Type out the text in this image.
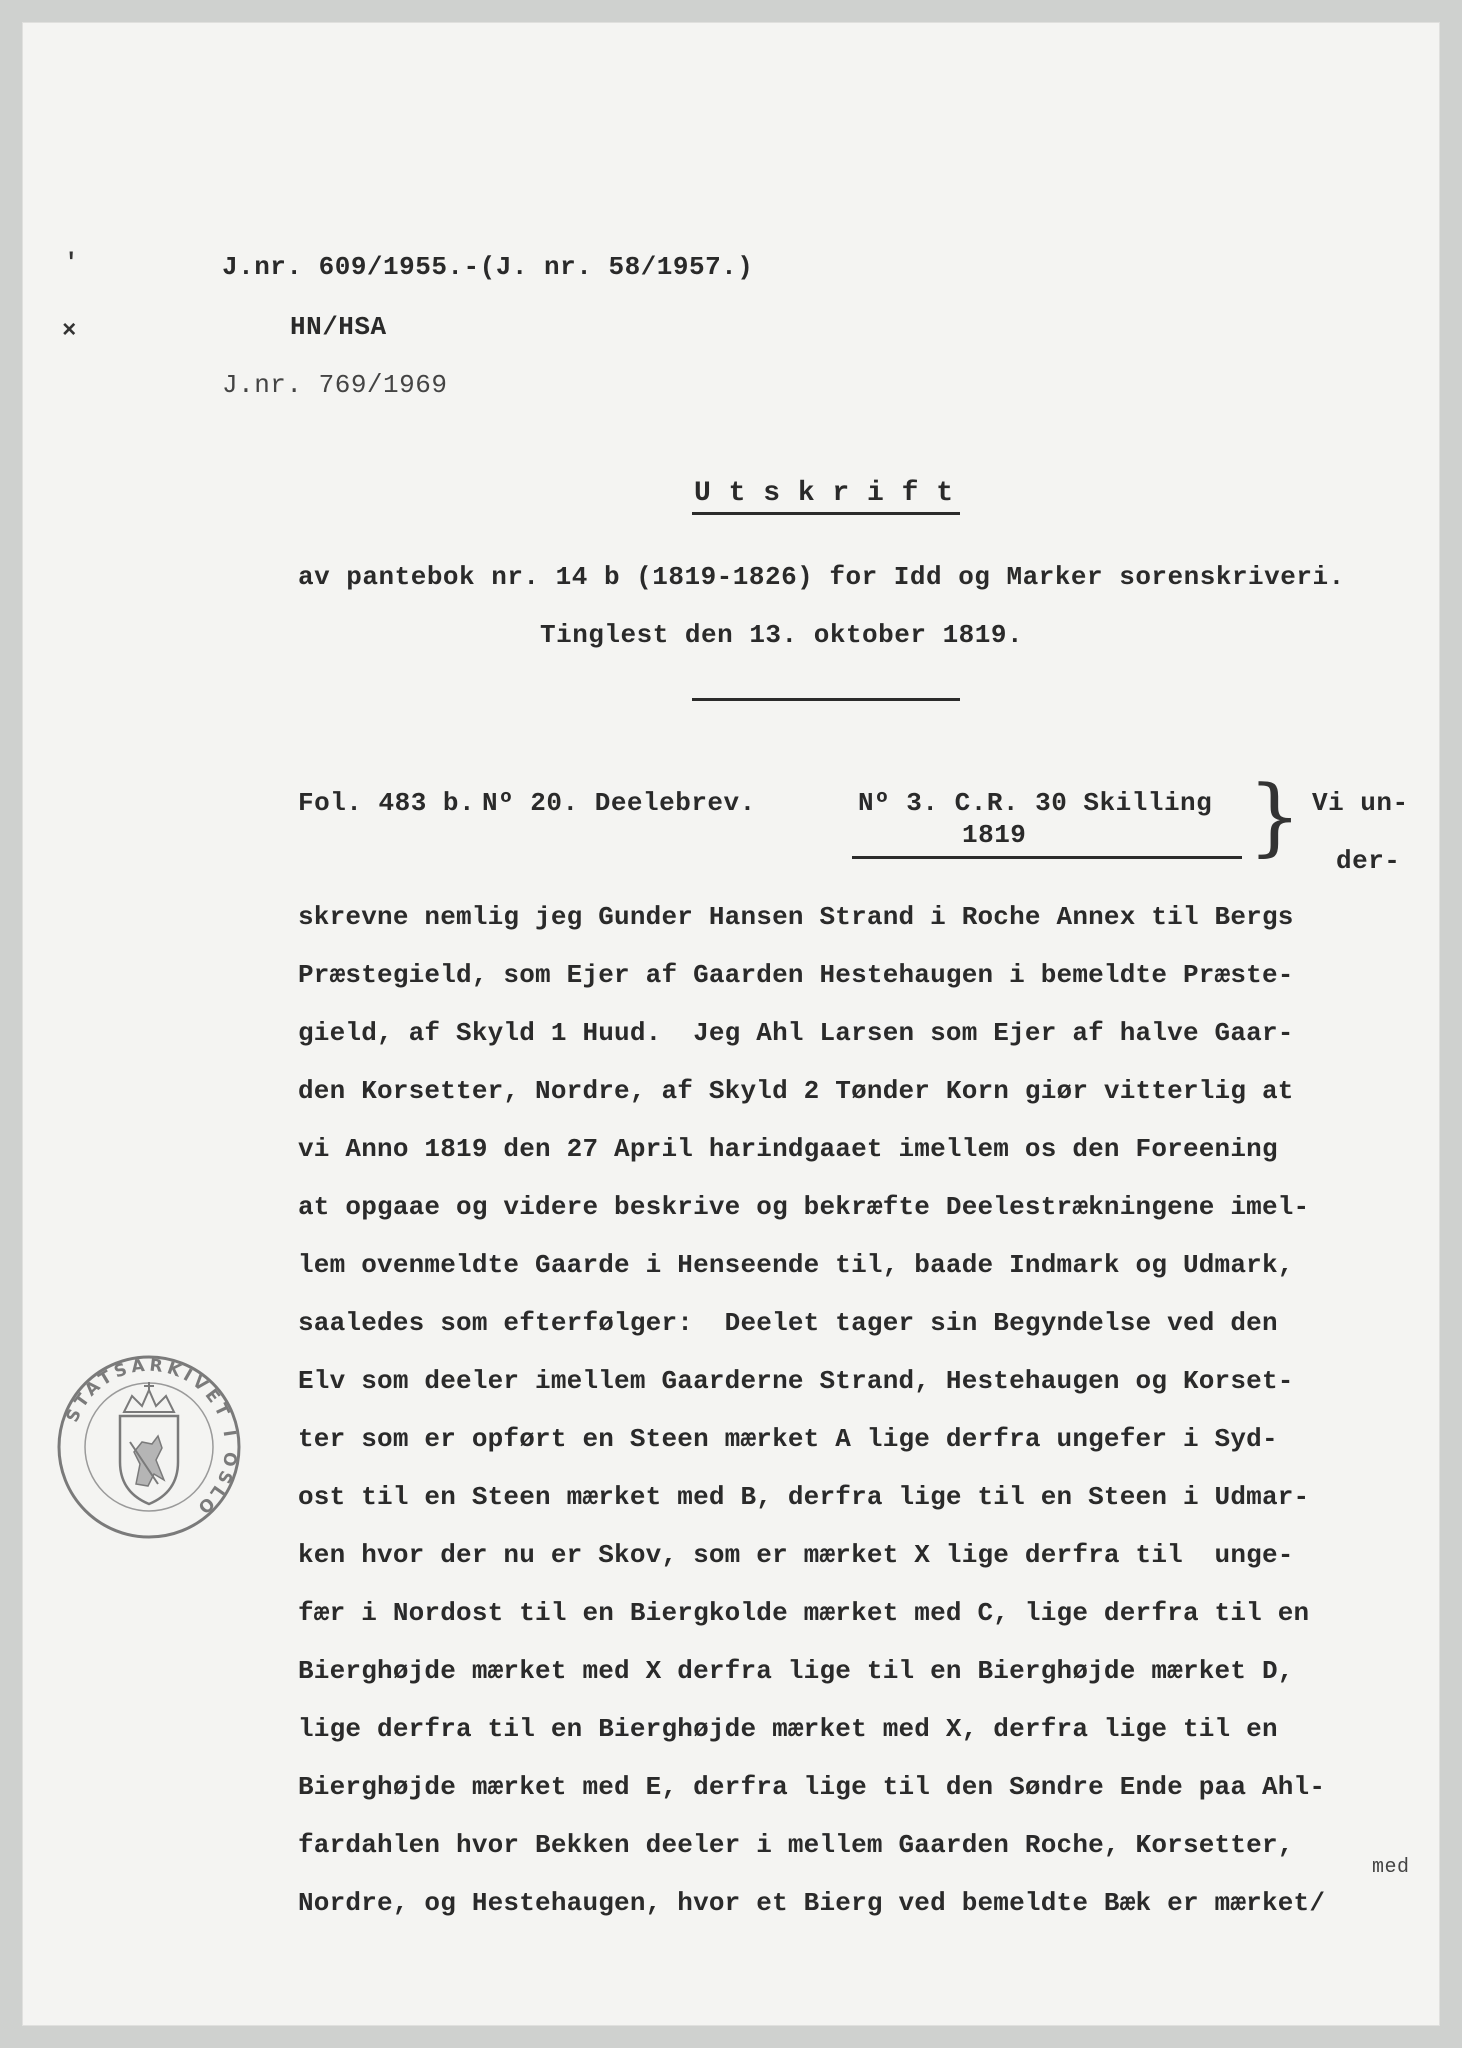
'
×
J.nr. 609/1955.-(J. nr. 58/1957.)
HN/HSA
J.nr. 769/1969
U t s k r i f t
av pantebok nr. 14 b (1819-1826) for Idd og Marker sorenskriveri.
Tinglest den 13. oktober 1819.
Fol. 483 b. Nº 20. Deelebrev.	Nº 3. C.R. 30 Skilling
1819	} Vi un-
der-
skrevne nemlig jeg Gunder Hansen Strand i Roche Annex til Bergs
Præstegield, som Ejer af Gaarden Hestehaugen i bemeldte Præste-
gield, af Skyld 1 Huud.  Jeg Ahl Larsen som Ejer af halve Gaar-
den Korsetter, Nordre, af Skyld 2 Tønder Korn giør vitterlig at
vi Anno 1819 den 27 April harindgaaet imellem os den Foreening
at opgaae og videre beskrive og bekræfte Deelestrækningene imel-
lem ovenmeldte Gaarde i Henseende til, baade Indmark og Udmark,
saaledes som efterfølger:  Deelet tager sin Begyndelse ved den
Elv som deeler imellem Gaarderne Strand, Hestehaugen og Korset-
ter som er opført en Steen mærket A lige derfra ungefer i Syd-
ost til en Steen mærket med B, derfra lige til en Steen i Udmar-
ken hvor der nu er Skov, som er mærket X lige derfra til  unge-
fær i Nordost til en Biergkolde mærket med C, lige derfra til en
Bierghøjde mærket med X derfra lige til en Bierghøjde mærket D,
lige derfra til en Bierghøjde mærket med X, derfra lige til en
Bierghøjde mærket med E, derfra lige til den Søndre Ende paa Ahl-
fardahlen hvor Bekken deeler i mellem Gaarden Roche, Korsetter,
Nordre, og Hestehaugen, hvor et Bierg ved bemeldte Bæk er mærket/
med
STATSARKIVET I OSLO
